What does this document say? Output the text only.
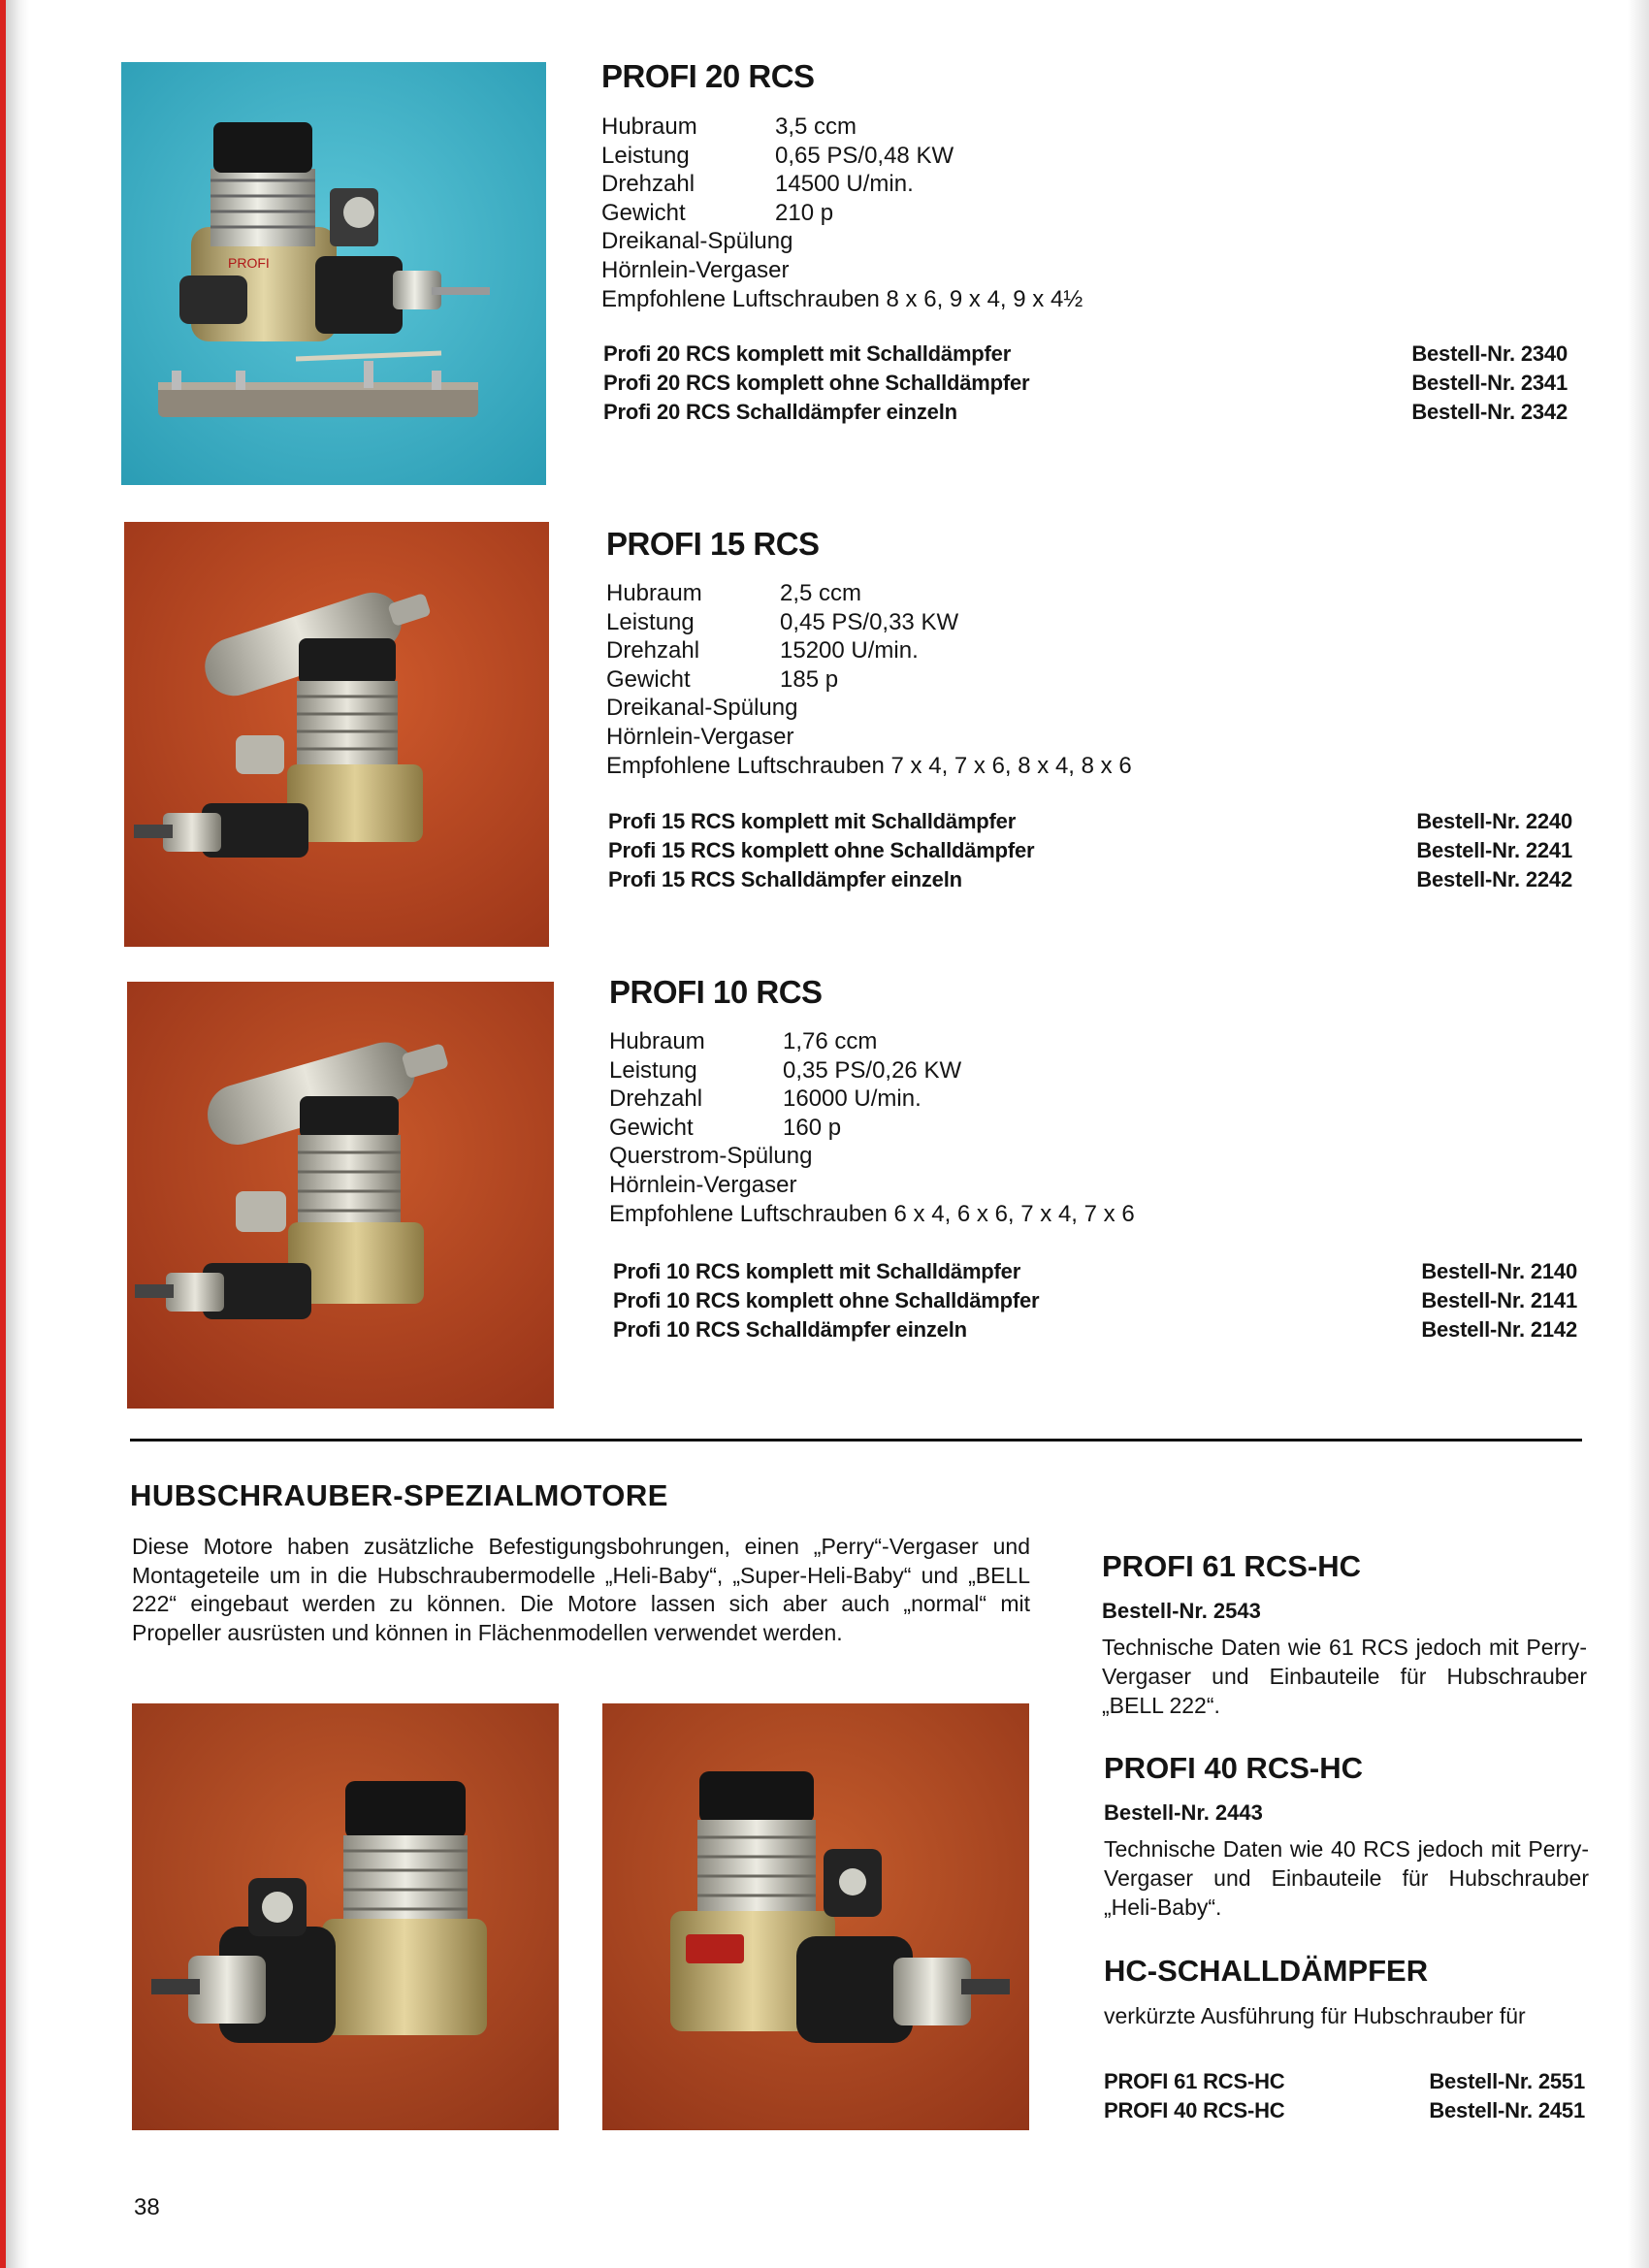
PROFI
PROFI 20 RCS
Hubraum	3,5 ccm
Leistung	0,65 PS/0,48 KW
Drehzahl	14500 U/min.
Gewicht	210 p
Dreikanal-Spülung
Hörnlein-Vergaser
Empfohlene Luftschrauben 8 x 6, 9 x 4, 9 x 4½
Profi 20 RCS komplett mit Schalldämpfer	Bestell-Nr. 2340
Profi 20 RCS komplett ohne Schalldämpfer	Bestell-Nr. 2341
Profi 20 RCS Schalldämpfer einzeln	Bestell-Nr. 2342
PROFI 15 RCS
Hubraum	2,5 ccm
Leistung	0,45 PS/0,33 KW
Drehzahl	15200 U/min.
Gewicht	185 p
Dreikanal-Spülung
Hörnlein-Vergaser
Empfohlene Luftschrauben 7 x 4, 7 x 6, 8 x 4, 8 x 6
Profi 15 RCS komplett mit Schalldämpfer	Bestell-Nr. 2240
Profi 15 RCS komplett ohne Schalldämpfer	Bestell-Nr. 2241
Profi 15 RCS Schalldämpfer einzeln	Bestell-Nr. 2242
PROFI 10 RCS
Hubraum	1,76 ccm
Leistung	0,35 PS/0,26 KW
Drehzahl	16000 U/min.
Gewicht	160 p
Querstrom-Spülung
Hörnlein-Vergaser
Empfohlene Luftschrauben 6 x 4, 6 x 6, 7 x 4, 7 x 6
Profi 10 RCS komplett mit Schalldämpfer	Bestell-Nr. 2140
Profi 10 RCS komplett ohne Schalldämpfer	Bestell-Nr. 2141
Profi 10 RCS Schalldämpfer einzeln	Bestell-Nr. 2142
HUBSCHRAUBER-SPEZIALMOTORE

Diese Motore haben zusätzliche Befestigungsbohrungen, einen „Perry“-Vergaser und Montageteile um in die Hubschraubermodelle „Heli-Baby“, „Super-Heli-Baby“ und „BELL 222“ eingebaut werden zu können. Die Motore lassen sich aber auch „normal“ mit Propeller ausrüsten und können in Flächenmodellen verwendet werden.

PROFI 61 RCS-HC
Bestell-Nr. 2543

Technische Daten wie 61 RCS jedoch mit Perry-Vergaser und Einbauteile für Hubschrauber „BELL 222“.

PROFI 40 RCS-HC
Bestell-Nr. 2443

Technische Daten wie 40 RCS jedoch mit Perry-Vergaser und Einbauteile für Hubschrauber „Heli-Baby“.

HC-SCHALLDÄMPFER

verkürzte Ausführung für Hubschrauber für

PROFI 61 RCS-HC	Bestell-Nr. 2551
PROFI 40 RCS-HC	Bestell-Nr. 2451
38
